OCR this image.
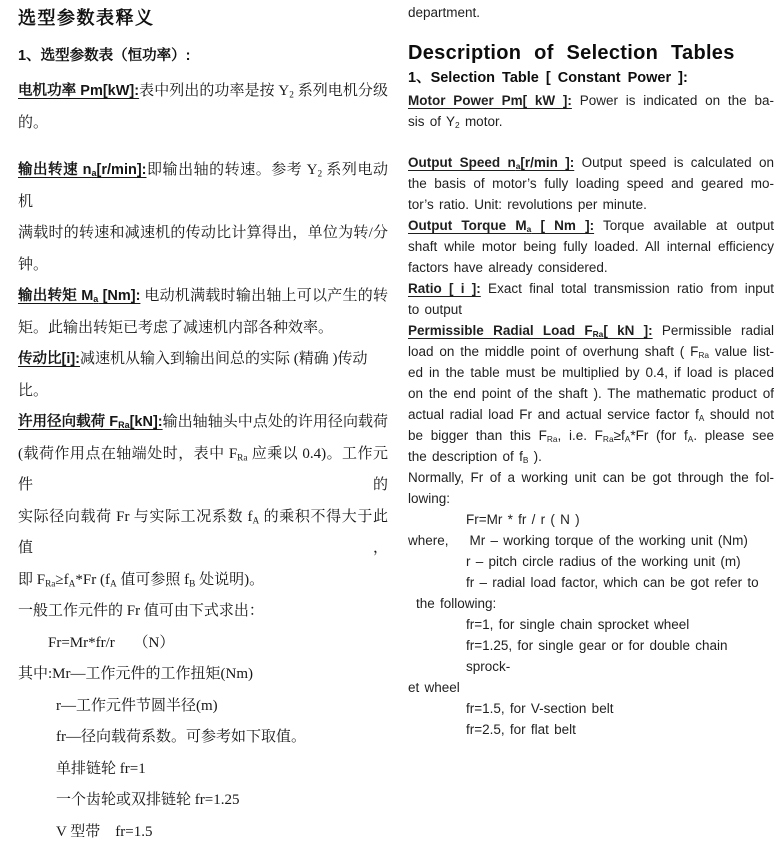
选型参数表释义
1、选型参数表（恒功率）:
电机功率 Pm[kW]:表中列出的功率是按 $Y_2$ 系列电机分级
的。
输出转速 $n_a[r/\min]$:即输出轴的转速。参考 $Y_2$ 系列电动机
满载时的转速和减速机的传动比计算得出，单位为转/分
钟。
输出转矩 $M_a$ [Nm]: 电动机满载时输出轴上可以产生的转
矩。此输出转矩已考虑了减速机内部各种效率。
传动比[i]:减速机从输入到输出间总的实际 (精确 )传动比。
许用径向载荷 $F_{Ra}[kN]$:输出轴轴头中点处的许用径向载荷
(载荷作用点在轴端处时，表中 $F_{Ra}$ 应乘以 0.4)。工作元件的
实际径向载荷 Fr 与实际工况系数 $f_A$ 的乘积不得大于此值，
即 $F_{Ra}\ge f_A*Fr$ ($f_A$ 值可参照 $f_B$ 处说明)。
一般工作元件的 Fr 值可由下式求出：
Fr=Mr*fr/r     （N）
其中:Mr—工作元件的工作扭矩(Nm)
r—工作元件节圆半径(m)
fr—径向载荷系数。可参考如下取值。
单排链轮 fr=1
一个齿轮或双排链轮 fr=1.25
V 型带    fr=1.5
department.
Description of Selection Tables
1、Selection Table [ Constant Power ]:
Motor Power Pm[ kW ]: Power is indicated on the ba-
sis of $Y_2$ motor.
Output Speed $n_a[r/\min$ ]: Output speed is calculated on
the basis of motor’s fully loading speed and geared mo-
tor’s ratio. Unit: revolutions per minute.
Output Torque $M_a$ [ Nm ]: Torque available at output
shaft while motor being fully loaded. All internal efficiency
factors have already considered.
Ratio [ i ]: Exact final total transmission ratio from input
to output
Permissible Radial Load $F_{Ra}$[ kN ]: Permissible radial
load on the middle point of overhung shaft ( $F_{Ra}$ value list-
ed in the table must be multiplied by 0.4, if load is placed
on the end point of the shaft ). The mathematic product of
actual radial load Fr and actual service factor $f_A$ should not
be bigger than this $F_{Ra}$, i.e. $F_{Ra}\ge f_A*Fr$ (for $f_A$. please see
the description of $f_B$ ).
Normally, Fr of a working unit can be got through the fol-
lowing:
Fr=Mr * fr / r ( N )
where,    Mr – working torque of the working unit (Nm)
r – pitch circle radius of the working unit (m)
fr – radial load factor, which can be got refer to
the following:
fr=1, for single chain sprocket wheel
fr=1.25, for single gear or for double chain sprock-
et wheel
fr=1.5, for V-section belt
fr=2.5, for flat belt
